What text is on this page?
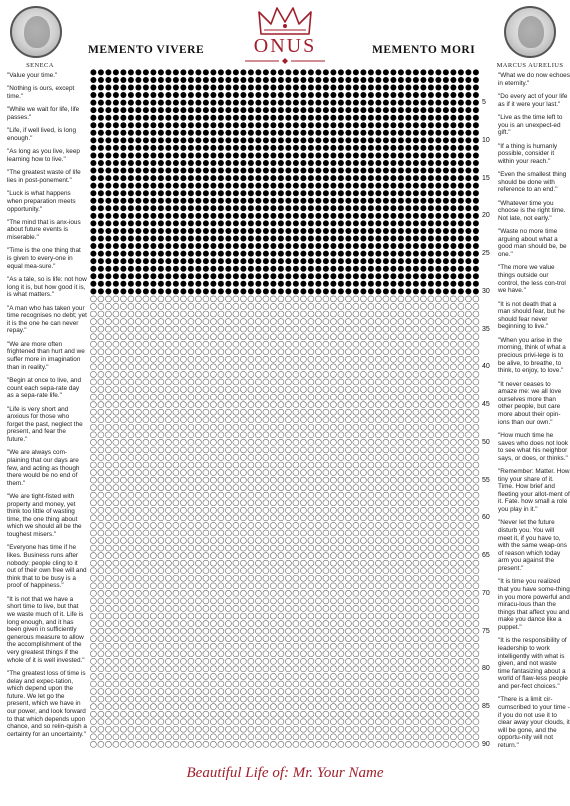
SENECA	MARCUS AURELIUS
ONUS
MEMENTO VIVERE	MEMENTO MORI

"Value your time."

"Nothing is ours, except time."

"While we wait for life, life passes."

"Life, if well lived, is long enough."

"As long as you live, keep learning how to live."

"The greatest waste of life lies in post-ponement."

"Luck is what happens when preparation meets opportunity."

"The mind that is anx-ious about future events is miserable."

"Time is the one thing that is given to every-one in equal mea-sure."

"As a tale, so is life: not how long it is, but how good it is, is what matters."

"A man who has taken your time recognises no debt; yet it is the one he can never repay."

"We are more often frightened than hurt and we suffer more in imagination than in reality."

"Begin at once to live, and count each sepa-rate day as a sepa-rate life."

"Life is very short and anxious for those who forget the past, neglect the present, and fear the future."

"We are always com-plaining that our days are few, and acting as though there would be no end of them."

"We are tight-fisted with property and money, yet think too little of wasting time, the one thing about which we should all be the toughest misers."

"Everyone has time if he likes. Business runs after nobody: people cling to it out of their own free will and think that to be busy is a proof of happiness."

"It is not that we have a short time to live, but that we waste much of it. Life is long enough, and it has been given in sufficiently generous measure to allow the accomplishment of the very greatest things if the whole of it is well invested."

"The greatest loss of time is delay and expec-tation, which depend upon the future. We let go the present, which we have in our power, and look forward to that which depends upon chance, and so relin-quish a certainty for an uncertainty."

"What we do now echoes in eternity."

"Do every act of your life as if it were your last."

"Live as the time left to you is an unexpect-ed gift."

"If a thing is humanly possible, consider it within your reach."

"Even the smallest thing should be done with reference to an end."

"Whatever time you choose is the right time. Not late, not early."

"Waste no more time arguing about what a good man should be, be one."

"The more we value things outside our control, the less con-trol we have."

"It is not death that a man should fear, but he should fear never beginning to live."

"When you arise in the morning, think of what a precious privi-lege is to be alive, to breathe, to think, to enjoy, to love."

"It never ceases to amaze me: we all love ourselves more than other people, but care more about their opin-ions than our own."

"How much time he saves who does not look to see what his neighbor says, or does, or thinks."

"Remember: Matter. How tiny your share of it. Time. How brief and fleeting your allot-ment of it. Fate. how small a role you play in it."

"Never let the future disturb you. You will meet it, if you have to, with the same weap-ons of reason which today arm you against the present."

"It is time you realized that you have some-thing in you more powerful and miracu-lous than the things that affect you and make you dance like a puppet."

"It is the responsibility of leadership to work intelligently with what is given, and not waste time fantasizing about a world of flaw-less people and per-fect choices."

"There is a limit cir-cumscribed to your time - if you do not use it to clear away your clouds, it will be gone, and the opportu-nity will not return."

5
10
15
20
25
30
35
40
45
50
55
60
65
70
75
80
85
90
Beautiful Life of: Mr. Your Name
